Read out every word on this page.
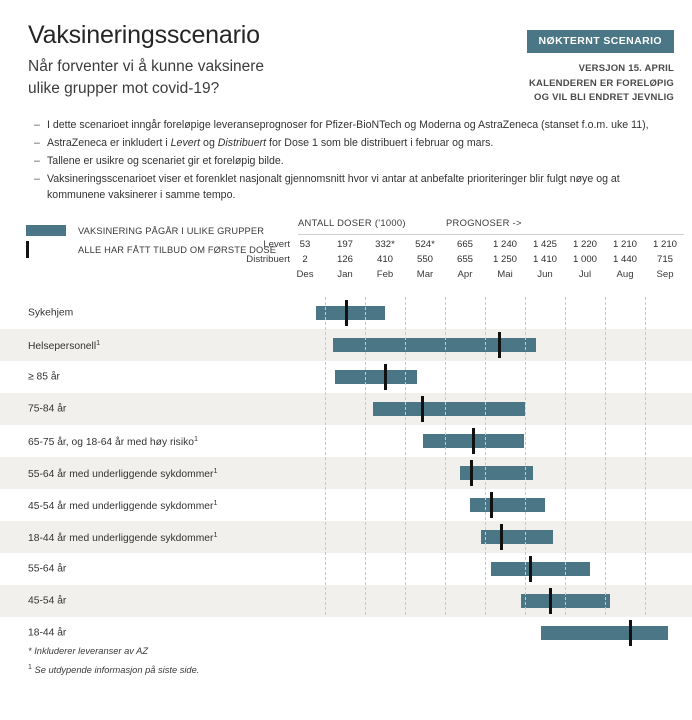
Vaksineringsscenario

Når forventer vi å kunne vaksinere
ulike grupper mot covid-19?

NØKTERNT SCENARIO
VERSJON 15. APRIL
KALENDEREN ER FORELØPIG
OG VIL BLI ENDRET JEVNLIG
– I dette scenarioet inngår foreløpige leveranseprognoser for Pfizer-BioNTech og Moderna og AstraZeneca (stanset f.o.m. uke 11),
– AstraZeneca er inkludert i Levert og Distribuert for Dose 1 som ble distribuert i februar og mars.
– Tallene er usikre og scenariet gir et foreløpig bilde.
– Vaksineringsscenarioet viser et forenklet nasjonalt gjennomsnitt hvor vi antar at anbefalte prioriteringer blir fulgt nøye og at kommunene vaksinerer i samme tempo.
VAKSINERING PÅGÅR I ULIKE GRUPPER
ALLE HAR FÅTT TILBUD OM FØRSTE DOSE
ANTALL DOSER ('1000)	PROGNOSER ->
Levert	53	197	332*	524*	665	1 240	1 425	1 220	1 210	1 210
Distribuert	2	126	410	550	655	1 250	1 410	1 000	1 440	715
Des	Jan	Feb	Mar	Apr	Mai	Jun	Jul	Aug	Sep
Sykehjem
Helsepersonell$^1$
≥ 85 år
75-84 år
65-75 år, og 18-64 år med høy risiko$^1$
55-64 år med underliggende sykdommer$^1$
45-54 år med underliggende sykdommer$^1$
18-44 år med underliggende sykdommer$^1$
55-64 år
45-54 år
18-44 år
* Inkluderer leveranser av AZ
$^1$ Se utdypende informasjon på siste side.
